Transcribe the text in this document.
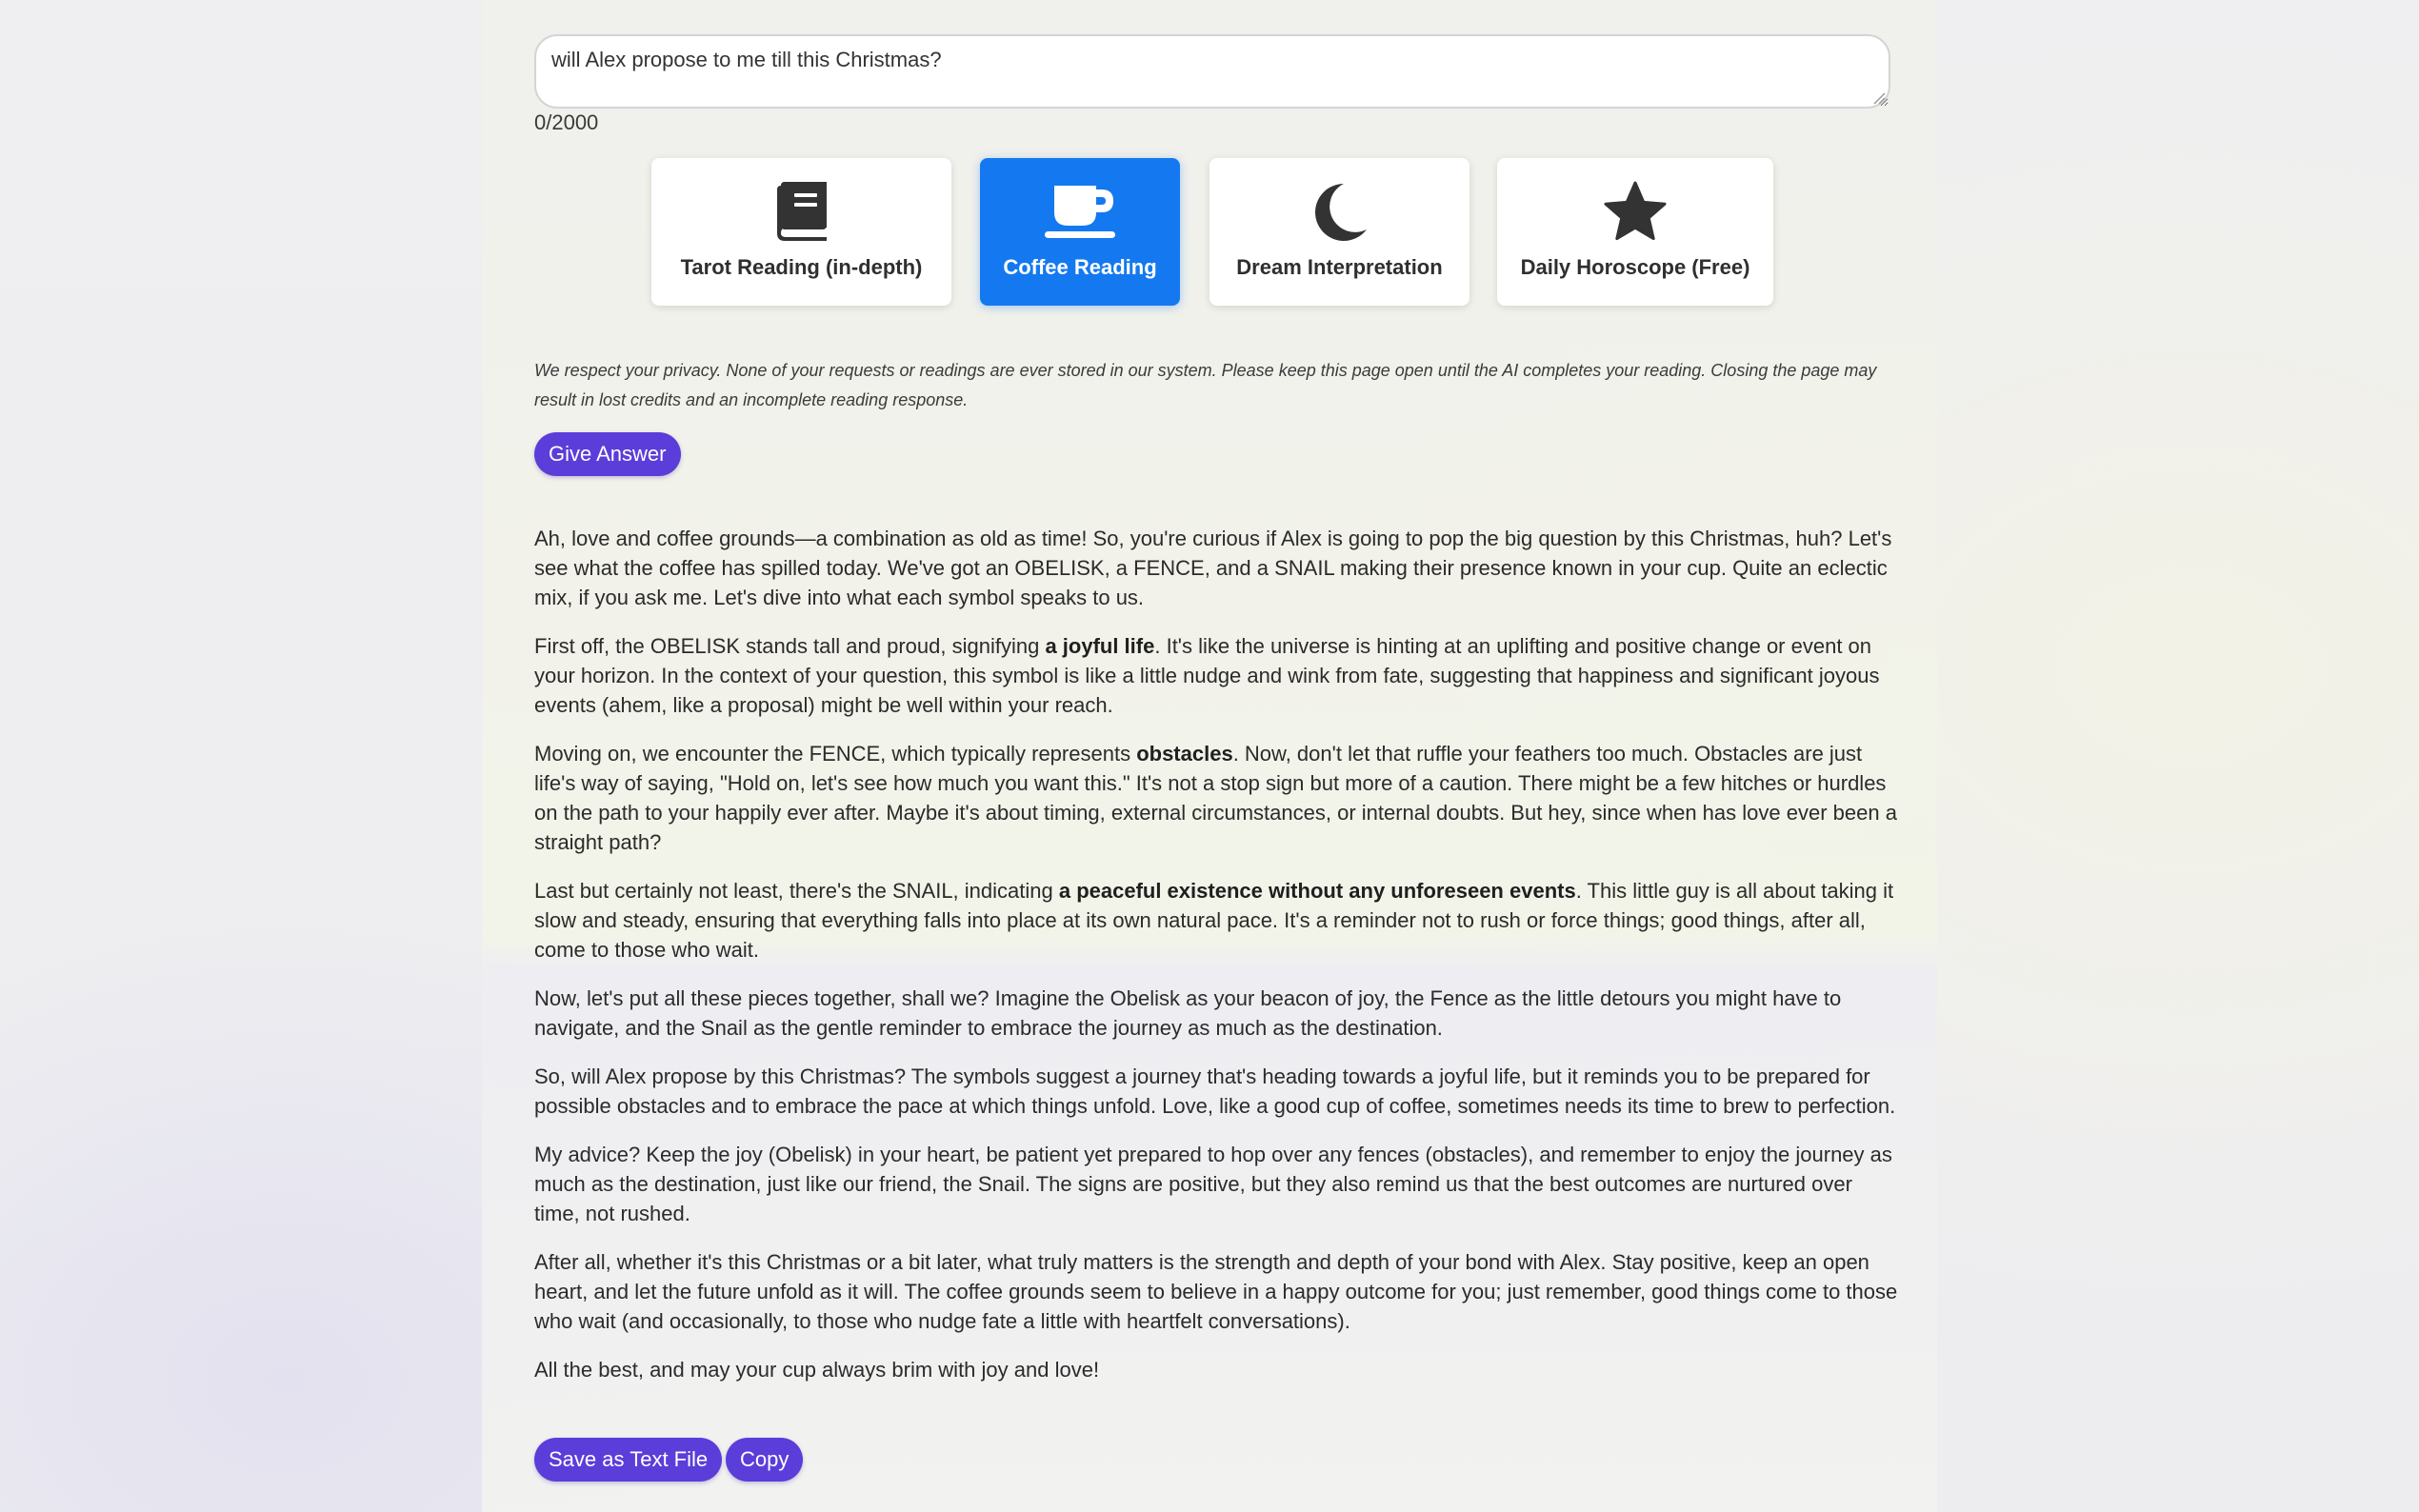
will Alex propose to me till this Christmas?
0/2000
Tarot Reading (in-depth)	Coffee Reading	Dream Interpretation	Daily Horoscope (Free)
We respect your privacy. None of your requests or readings are ever stored in our system. Please keep this page open until the AI completes your reading. Closing the page may result in lost credits and an incomplete reading response.
Give Answer

Ah, love and coffee grounds—a combination as old as time! So, you're curious if Alex is going to pop the big question by this Christmas, huh? Let's see what the coffee has spilled today. We've got an OBELISK, a FENCE, and a SNAIL making their presence known in your cup. Quite an eclectic mix, if you ask me. Let's dive into what each symbol speaks to us.

First off, the OBELISK stands tall and proud, signifying a joyful life. It's like the universe is hinting at an uplifting and positive change or event on your horizon. In the context of your question, this symbol is like a little nudge and wink from fate, suggesting that happiness and significant joyous events (ahem, like a proposal) might be well within your reach.

Moving on, we encounter the FENCE, which typically represents obstacles. Now, don't let that ruffle your feathers too much. Obstacles are just life's way of saying, "Hold on, let's see how much you want this." It's not a stop sign but more of a caution. There might be a few hitches or hurdles on the path to your happily ever after. Maybe it's about timing, external circumstances, or internal doubts. But hey, since when has love ever been a straight path?

Last but certainly not least, there's the SNAIL, indicating a peaceful existence without any unforeseen events. This little guy is all about taking it slow and steady, ensuring that everything falls into place at its own natural pace. It's a reminder not to rush or force things; good things, after all, come to those who wait.

Now, let's put all these pieces together, shall we? Imagine the Obelisk as your beacon of joy, the Fence as the little detours you might have to navigate, and the Snail as the gentle reminder to embrace the journey as much as the destination.

So, will Alex propose by this Christmas? The symbols suggest a journey that's heading towards a joyful life, but it reminds you to be prepared for possible obstacles and to embrace the pace at which things unfold. Love, like a good cup of coffee, sometimes needs its time to brew to perfection.

My advice? Keep the joy (Obelisk) in your heart, be patient yet prepared to hop over any fences (obstacles), and remember to enjoy the journey as much as the destination, just like our friend, the Snail. The signs are positive, but they also remind us that the best outcomes are nurtured over time, not rushed.

After all, whether it's this Christmas or a bit later, what truly matters is the strength and depth of your bond with Alex. Stay positive, keep an open heart, and let the future unfold as it will. The coffee grounds seem to believe in a happy outcome for you; just remember, good things come to those who wait (and occasionally, to those who nudge fate a little with heartfelt conversations).

All the best, and may your cup always brim with joy and love!

Save as Text File	Copy
